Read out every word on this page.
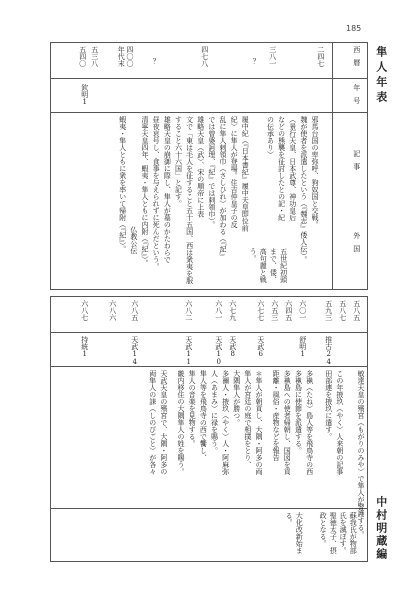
185
隼人年表
中村明蔵編
西暦
年号
記事
外国
二四七
三八一
？
四七八
？
四〇〇
年代末
五三八
五四〇
欽明1
邪馬台国の卑弥呼、狗奴国と交戦。
魏が使者を派遣したという（『魏志』倭人伝）。
（景行天皇、日本武尊、神功皇后
などの熊襲を征討したとの記・紀
の伝承あり）
履中紀（『日本書紀』履中天皇即位前
紀）に隼人が登場。住吉仲皇子の反
乱に隼人刺領巾（さしひれ）が加わる（『記』
では曾婆訶理、『紀』では刺領巾）。
雄略天皇（武）、宋の順帝に上表
文で「東は毛人を征すること五十五国、西は衆夷を服
すること六十六国」と記す。
雄略天皇の崩御に際し、隼人が墓のかたわらで
昼夜哀号し、食事を与えられずに死んだという。
清寧天皇四年、蝦夷・隼人ともに内附（『紀』）。
仏教公伝
蝦夷・隼人ともに衆を率いて帰附（『紀』）。
五世紀初頭まで、倭、高句麗と戦う。
五八五
五八七
五九三
六〇一
六四五
六五三
六七七
六七九
六八一
六八二
六八五
六八六
六八七
推古24
舒明1
天武6
天武8
天武10
天武11
天武14
持統1
敏達天皇の殯宮（もがりのみや）で隼人が警護する。
この年掖玖（やく）人来朝の記事
田部連を掖玖に遣す。
多褹（たね）島人等を飛鳥寺の西
多褹島に使節を派遣する。
多褹島への使者帰朝し、国図を貢
距離・風俗・産物などを報告
＊隼人が朝貢し、大隅・阿多の両
隼人が宮廷の庭で相撲をとり、
大隅隼人が勝つ。
多禰人・掖玖（やく）人・阿麻弥
人（あまみ）に禄を賜う。
隼人等を飛鳥寺の西で饗し、
隼人の音楽を見物する。
畿内移住の大隅隼人の姓を賜う。
天武天皇の殯宮で、大隅・阿多の
両隼人の誄（しのびごと）が各々
蘇我氏が物部氏を滅ぼす。
聖徳太子、摂政となる。
大化改新始まる。
